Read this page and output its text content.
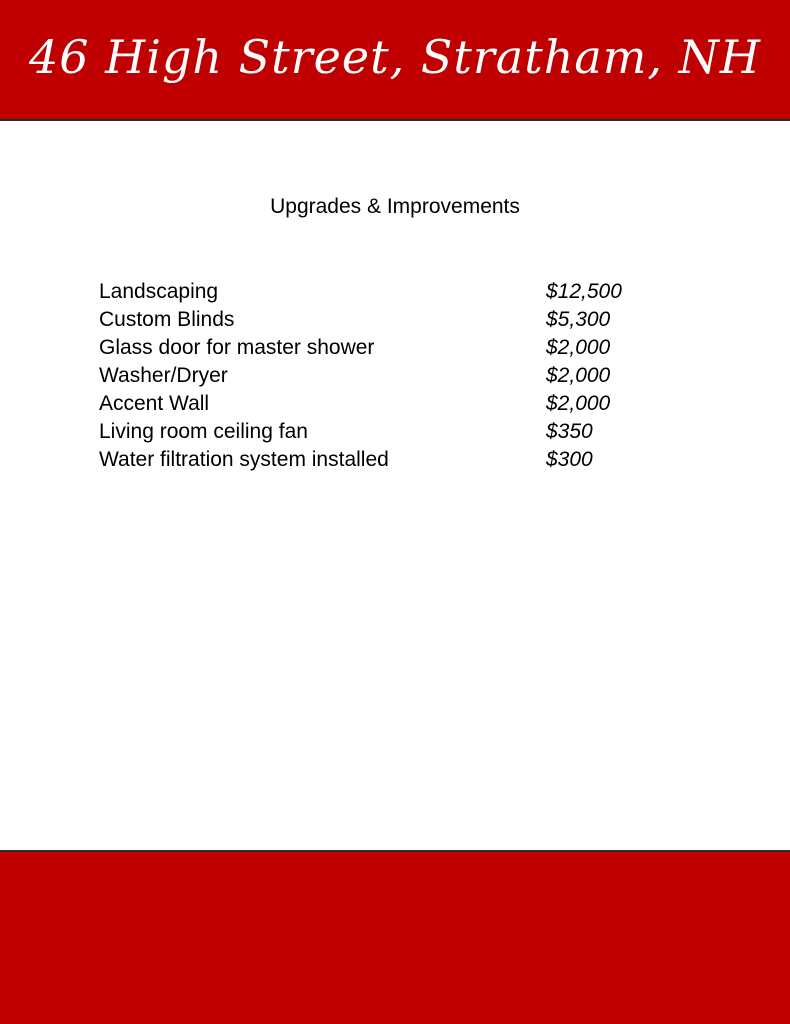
46 High Street, Stratham, NH
Upgrades & Improvements
Landscaping	$12,500
Custom Blinds	$5,300
Glass door for master shower	$2,000
Washer/Dryer	$2,000
Accent Wall	$2,000
Living room ceiling fan	$350
Water filtration system installed	$300
